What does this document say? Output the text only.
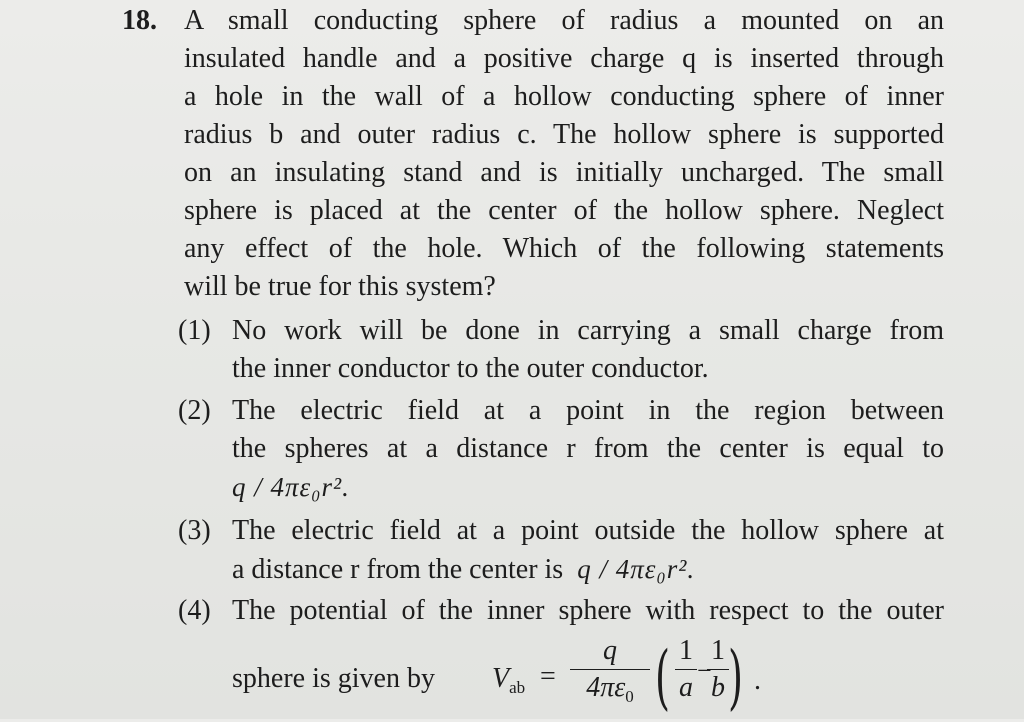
18. A small conducting sphere of radius a mounted on an
insulated handle and a positive charge q is inserted through
a hole in the wall of a hollow conducting sphere of inner
radius b and outer radius c. The hollow sphere is supported
on an insulating stand and is initially uncharged. The small
sphere is placed at the center of the hollow sphere. Neglect
any effect of the hole. Which of the following statements
will be true for this system?
(1) No work will be done in carrying a small charge from
the inner conductor to the outer conductor.
(2) The electric field at a point in the region between
the spheres at a distance r from the center is equal to
q / 4πε₀r².
(3) The electric field at a point outside the hollow sphere at
a distance r from the center is q / 4πε₀r².
(4) The potential of the inner sphere with respect to the outer
sphere is given by $V_{ab}$ =
q
$4\pi\varepsilon_0$ ( 1
a
−
1
b ) .
